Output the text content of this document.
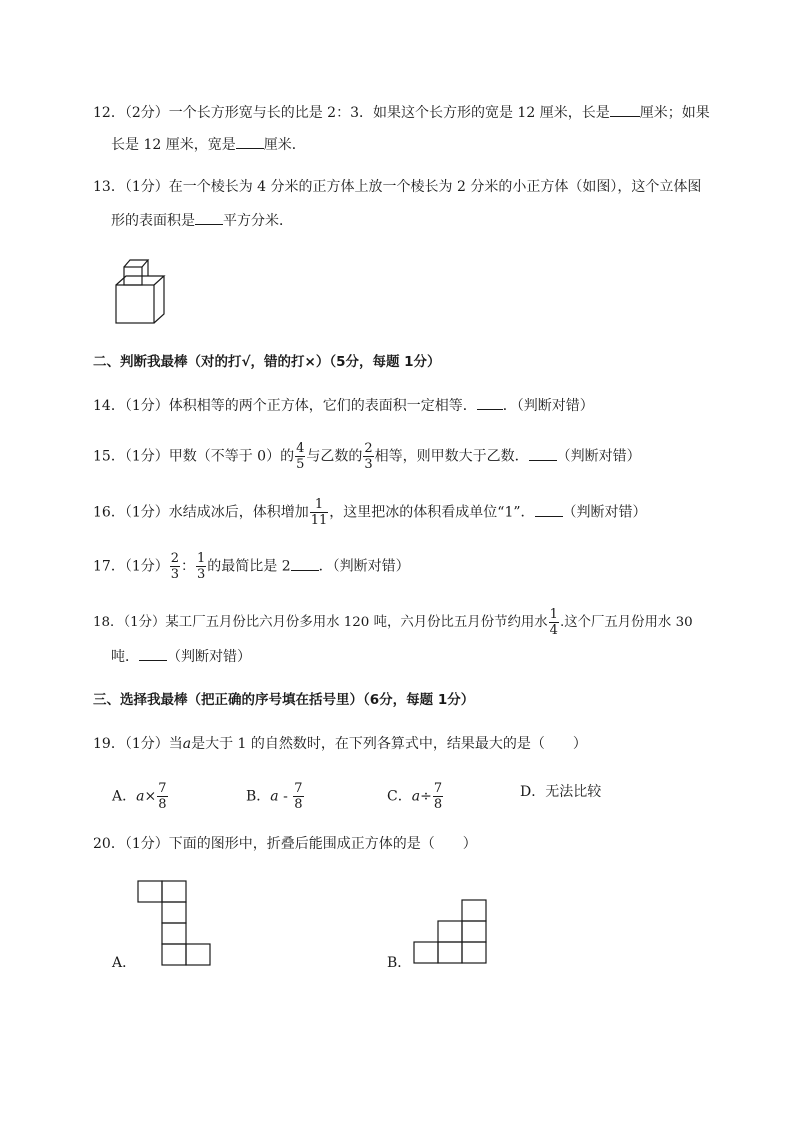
12．（2分）一个长方形宽与长的比是 2：3．如果这个长方形的宽是 12 厘米，长是 厘米；如果
长是 12 厘米，宽是 厘米．
13．（1分）在一个棱长为 4 分米的正方体上放一个棱长为 2 分米的小正方体（如图），这个立体图
形的表面积是 平方分米．
二、判断我最棒（对的打√，错的打×）（5分，每题 1分）
14．（1分）体积相等的两个正方体，它们的表面积一定相等． ．（判断对错）
15．（1分）甲数（不等于 0）的 $\frac{4}{5}$ 与乙数的 $\frac{2}{3}$ 相等，则甲数大于乙数． （判断对错）
16．（1分）水结成冰后，体积增加 $\frac{1}{11}$ ，这里把冰的体积看成单位“1”． （判断对错）
17．（1分） $\frac{2}{3}$ ： $\frac{1}{3}$ 的最简比是 2 ．（判断对错）
18．（1分）某工厂五月份比六月份多用水 120 吨，六月份比五月份节约用水 $\frac{1}{4}$ .这个厂五月份用水 30
吨． （判断对错）
三、选择我最棒（把正确的序号填在括号里）（6分，每题 1分）
19．（1分）当a是大于 1 的自然数时，在下列各算式中，结果最大的是（　　）
A．$a\times \frac{7}{8}$	B．a - $\frac{7}{8}$	C．$a\div \frac{7}{8}$	D．无法比较
20．（1分）下面的图形中，折叠后能围成正方体的是（　　）
A．	B．
